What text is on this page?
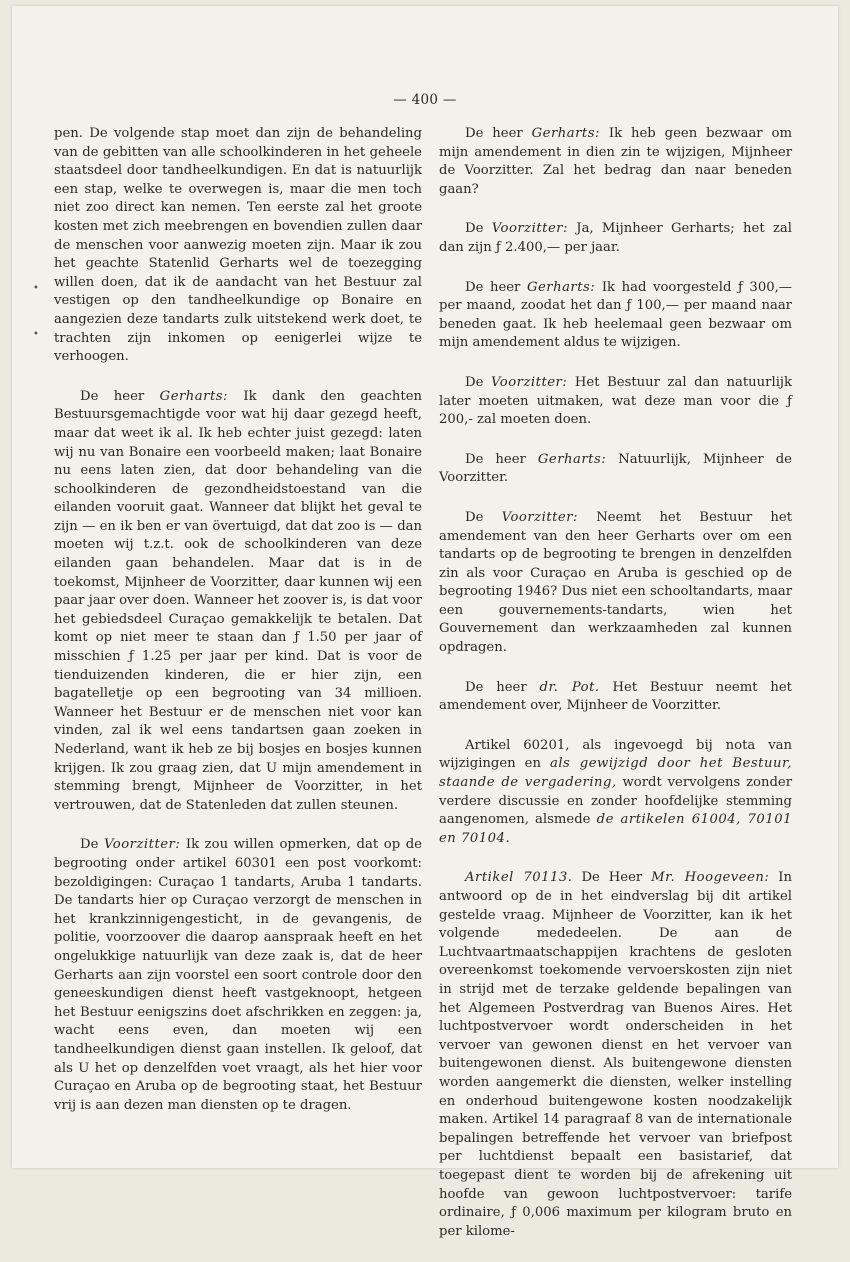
— 400 —
•
•

pen. De volgende stap moet dan zijn de behandeling van de gebitten van alle schoolkinderen in het geheele staatsdeel door tandheelkundigen. En dat is natuurlijk een stap, welke te overwegen is, maar die men toch niet zoo direct kan nemen. Ten eerste zal het groote kosten met zich meebrengen en bovendien zullen daar de menschen voor aanwezig moeten zijn. Maar ik zou het geachte Statenlid Gerharts wel de toezegging willen doen, dat ik de aandacht van het Bestuur zal vestigen op den tandheelkundige op Bonaire en aangezien deze tandarts zulk uitstekend werk doet, te trachten zijn inkomen op eenigerlei wijze te verhoogen.

De heer Gerharts: Ik dank den geachten Bestuursgemachtigde voor wat hij daar gezegd heeft, maar dat weet ik al. Ik heb echter juist gezegd: laten wij nu van Bonaire een voorbeeld maken; laat Bonaire nu eens laten zien, dat door behandeling van die schoolkinderen de gezondheidstoestand van die eilanden vooruit gaat. Wanneer dat blijkt het geval te zijn — en ik ben er van övertuigd, dat dat zoo is — dan moeten wij t.z.t. ook de schoolkinderen van deze eilanden gaan behandelen. Maar dat is in de toekomst, Mijnheer de Voorzitter, daar kunnen wij een paar jaar over doen. Wanneer het zoover is, is dat voor het gebiedsdeel Curaçao gemakkelijk te betalen. Dat komt op niet meer te staan dan ƒ 1.50 per jaar of misschien ƒ 1.25 per jaar per kind. Dat is voor de tienduizenden kinderen, die er hier zijn, een bagatelletje op een begrooting van 34 millioen. Wanneer het Bestuur er de menschen niet voor kan vinden, zal ik wel eens tandartsen gaan zoeken in Nederland, want ik heb ze bij bosjes en bosjes kunnen krijgen. Ik zou graag zien, dat U mijn amendement in stemming brengt, Mijnheer de Voorzitter, in het vertrouwen, dat de Statenleden dat zullen steunen.

De Voorzitter: Ik zou willen opmerken, dat op de begrooting onder artikel 60301 een post voorkomt: bezoldigingen: Curaçao 1 tandarts, Aruba 1 tandarts. De tandarts hier op Curaçao verzorgt de menschen in het krankzinnigengesticht, in de gevangenis, de politie, voorzoover die daarop aanspraak heeft en het ongelukkige natuurlijk van deze zaak is, dat de heer Gerharts aan zijn voorstel een soort controle door den geneeskundigen dienst heeft vastgeknoopt, hetgeen het Bestuur eenigszins doet afschrikken en zeggen: ja, wacht eens even, dan moeten wij een tandheelkundigen dienst gaan instellen. Ik geloof, dat als U het op denzelfden voet vraagt, als het hier voor Curaçao en Aruba op de begrooting staat, het Bestuur vrij is aan dezen man diensten op te dragen.

De heer Gerharts: Ik heb geen bezwaar om mijn amendement in dien zin te wijzigen, Mijnheer de Voorzitter. Zal het bedrag dan naar beneden gaan?

De Voorzitter: Ja, Mijnheer Gerharts; het zal dan zijn ƒ 2.400,— per jaar.

De heer Gerharts: Ik had voorgesteld ƒ 300,— per maand, zoodat het dan ƒ 100,— per maand naar beneden gaat. Ik heb heelemaal geen bezwaar om mijn amendement aldus te wijzigen.

De Voorzitter: Het Bestuur zal dan natuurlijk later moeten uitmaken, wat deze man voor die ƒ 200,- zal moeten doen.

De heer Gerharts: Natuurlijk, Mijnheer de Voorzitter.

De Voorzitter: Neemt het Bestuur het amendement van den heer Gerharts over om een tandarts op de begrooting te brengen in denzelfden zin als voor Curaçao en Aruba is geschied op de begrooting 1946? Dus niet een schooltandarts, maar een gouvernements-tandarts, wien het Gouvernement dan werkzaamheden zal kunnen opdragen.

De heer dr. Pot. Het Bestuur neemt het amendement over, Mijnheer de Voorzitter.

Artikel 60201, als ingevoegd bij nota van wijzigingen en als gewijzigd door het Bestuur, staande de vergadering, wordt vervolgens zonder verdere discussie en zonder hoofdelijke stemming aangenomen, alsmede de artikelen 61004, 70101 en 70104.

Artikel 70113. De Heer Mr. Hoogeveen: In antwoord op de in het eindverslag bij dit artikel gestelde vraag. Mijnheer de Voorzitter, kan ik het volgende mededeelen. De aan de Luchtvaartmaatschappijen krachtens de gesloten overeenkomst toekomende vervoerskosten zijn niet in strijd met de terzake geldende bepalingen van het Algemeen Postverdrag van Buenos Aires. Het luchtpostvervoer wordt onderscheiden in het vervoer van gewonen dienst en het vervoer van buitengewonen dienst. Als buitengewone diensten worden aangemerkt die diensten, welker instelling en onderhoud buitengewone kosten noodzakelijk maken. Artikel 14 paragraaf 8 van de internationale bepalingen betreffende het vervoer van briefpost per luchtdienst bepaalt een basistarief, dat toegepast dient te worden bij de afrekening uit hoofde van gewoon luchtpostvervoer: tarife ordinaire, ƒ 0,006 maximum per kilogram bruto en per kilome-
